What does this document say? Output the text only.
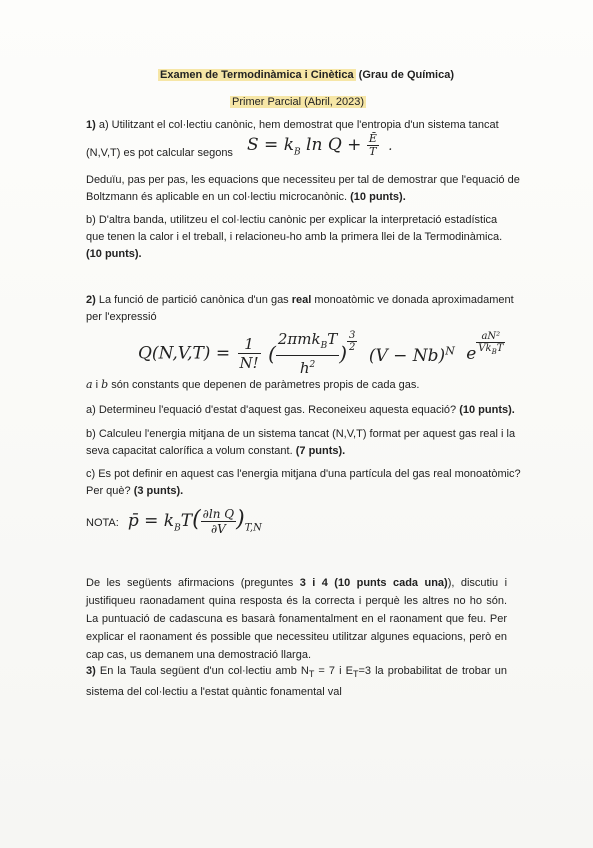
Examen de Termodinàmica i Cinètica (Grau de Química)
Primer Parcial (Abril, 2023)
1) a) Utilitzant el col·lectiu canònic, hem demostrat que l'entropia d'un sistema tancat
(N,V,T) es pot calcular segons $S = k_B$ $\ln Q + \frac{Ē}{T}$ .
Deduïu, pas per pas, les equacions que necessiteu per tal de demostrar que l'equació de
Boltzmann és aplicable en un col·lectiu microcanònic. (10 punts).
b) D'altra banda, utilitzeu el col·lectiu canònic per explicar la interpretació estadística
que tenen la calor i el treball, i relacioneu-ho amb la primera llei de la Termodinàmica.
(10 punts).
2) La funció de partició canònica d'un gas real monoatòmic ve donada aproximadament
per l'expressió
$Q(N,V,T) = \frac{1}{N!}$ ( $\frac{2\pi mk_BT}{h^2}$ ) $\frac{3}{2}$
$(V - Nb)^N$ e $\frac{\text{aN²}}{Vk_BT}$
a i b són constants que depenen de paràmetres propis de cada gas.
a) Determineu l'equació d'estat d'aquest gas. Reconeixeu aquesta equació? (10 punts).
b) Calculeu l'energia mitjana de un sistema tancat (N,V,T) format per aquest gas real i la
seva capacitat calorífica a volum constant. (7 punts).
c) Es pot definir en aquest cas l'energia mitjana d'una partícula del gas real monoatòmic?
Per què? (3 punts).
NOTA: p̄ = $k_BT( \frac{\text{∂ln Q}}{\partial V} )_{T,N}$
De les següents afirmacions (preguntes 3 i 4 (10 punts cada una)), discutiu i justifiqueu raonadament quina resposta és la correcta i perquè les altres no ho són. La puntuació de cadascuna es basarà fonamentalment en el raonament que feu. Per explicar el raonament és possible que necessiteu utilitzar algunes equacions, però en cap cas, us demanem una demostració llarga.
3) En la Taula següent d'un col·lectiu amb $N_T = 7$ i $E_T=3$ la probabilitat de trobar un sistema del col·lectiu a l'estat quàntic fonamental val
